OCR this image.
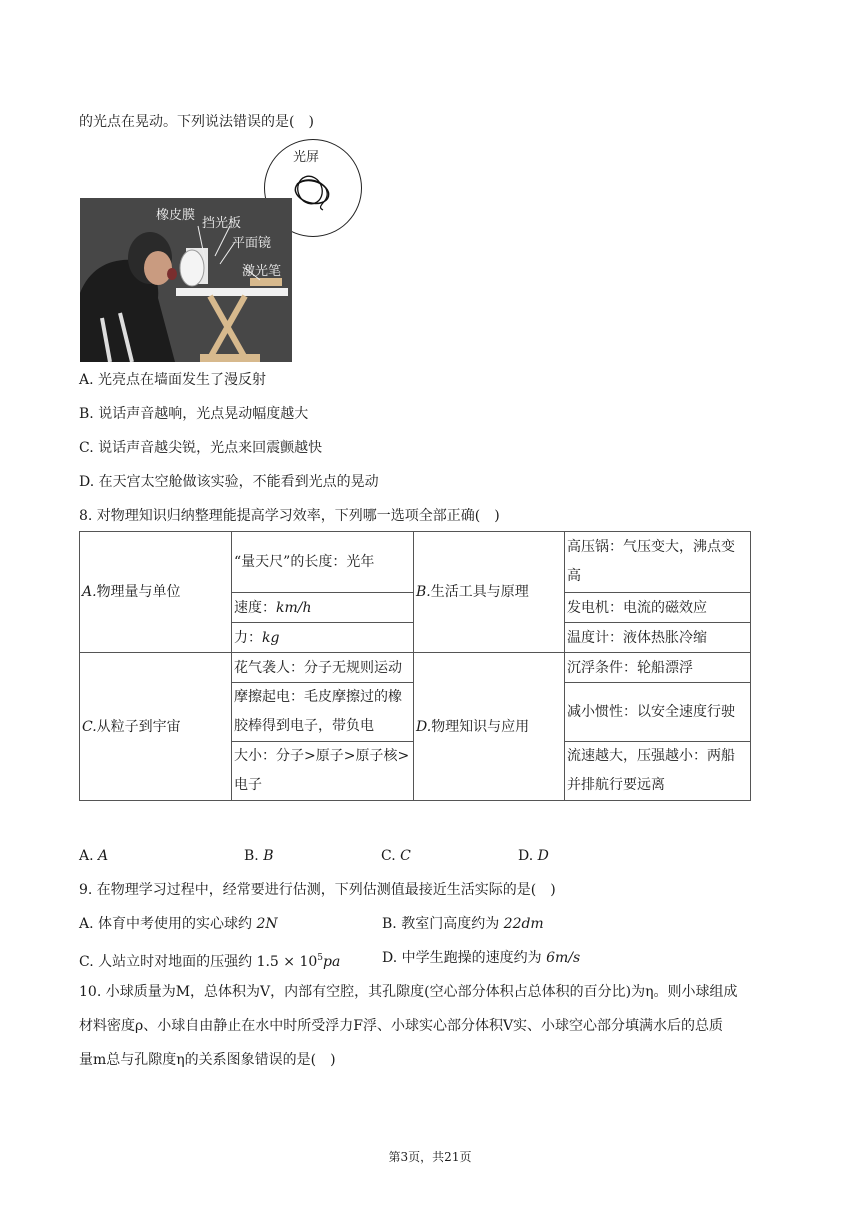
的光点在晃动。下列说法错误的是(　)
光屏
橡皮膜
挡光板
平面镜
激光笔
A. 光亮点在墙面发生了漫反射
B. 说话声音越响，光点晃动幅度越大
C. 说话声音越尖锐，光点来回震颤越快
D. 在天宫太空舱做该实验，不能看到光点的晃动
8. 对物理知识归纳整理能提高学习效率，下列哪一选项全部正确(　)
A.物理量与单位	“量天尺”的长度：光年	B.生活工具与原理	高压锅：气压变大，沸点变高
	速度：km/h		发电机：电流的磁效应
	力：kg		温度计：液体热胀冷缩
C.从粒子到宇宙	花气袭人：分子无规则运动	D.物理知识与应用	沉浮条件：轮船漂浮
	摩擦起电：毛皮摩擦过的橡胶棒得到电子，带负电		减小惯性：以安全速度行驶
	大小：分子>原子>原子核>电子		流速越大，压强越小：两船并排航行要远离
A. A	B. B	C. C	D. D
9. 在物理学习过程中，经常要进行估测，下列估测值最接近生活实际的是(　)
A. 体育中考使用的实心球约 2N	B. 教室门高度约为 22dm
C. 人站立时对地面的压强约 $1.5 \times 10^5pa$	D. 中学生跑操的速度约为 6m/s
10. 小球质量为M，总体积为V，内部有空腔，其孔隙度(空心部分体积占总体积的百分比)为η。则小球组成
材料密度ρ、小球自由静止在水中时所受浮力F浮、小球实心部分体积V实、小球空心部分填满水后的总质
量m总与孔隙度η的关系图象错误的是(　)
第3页，共21页
